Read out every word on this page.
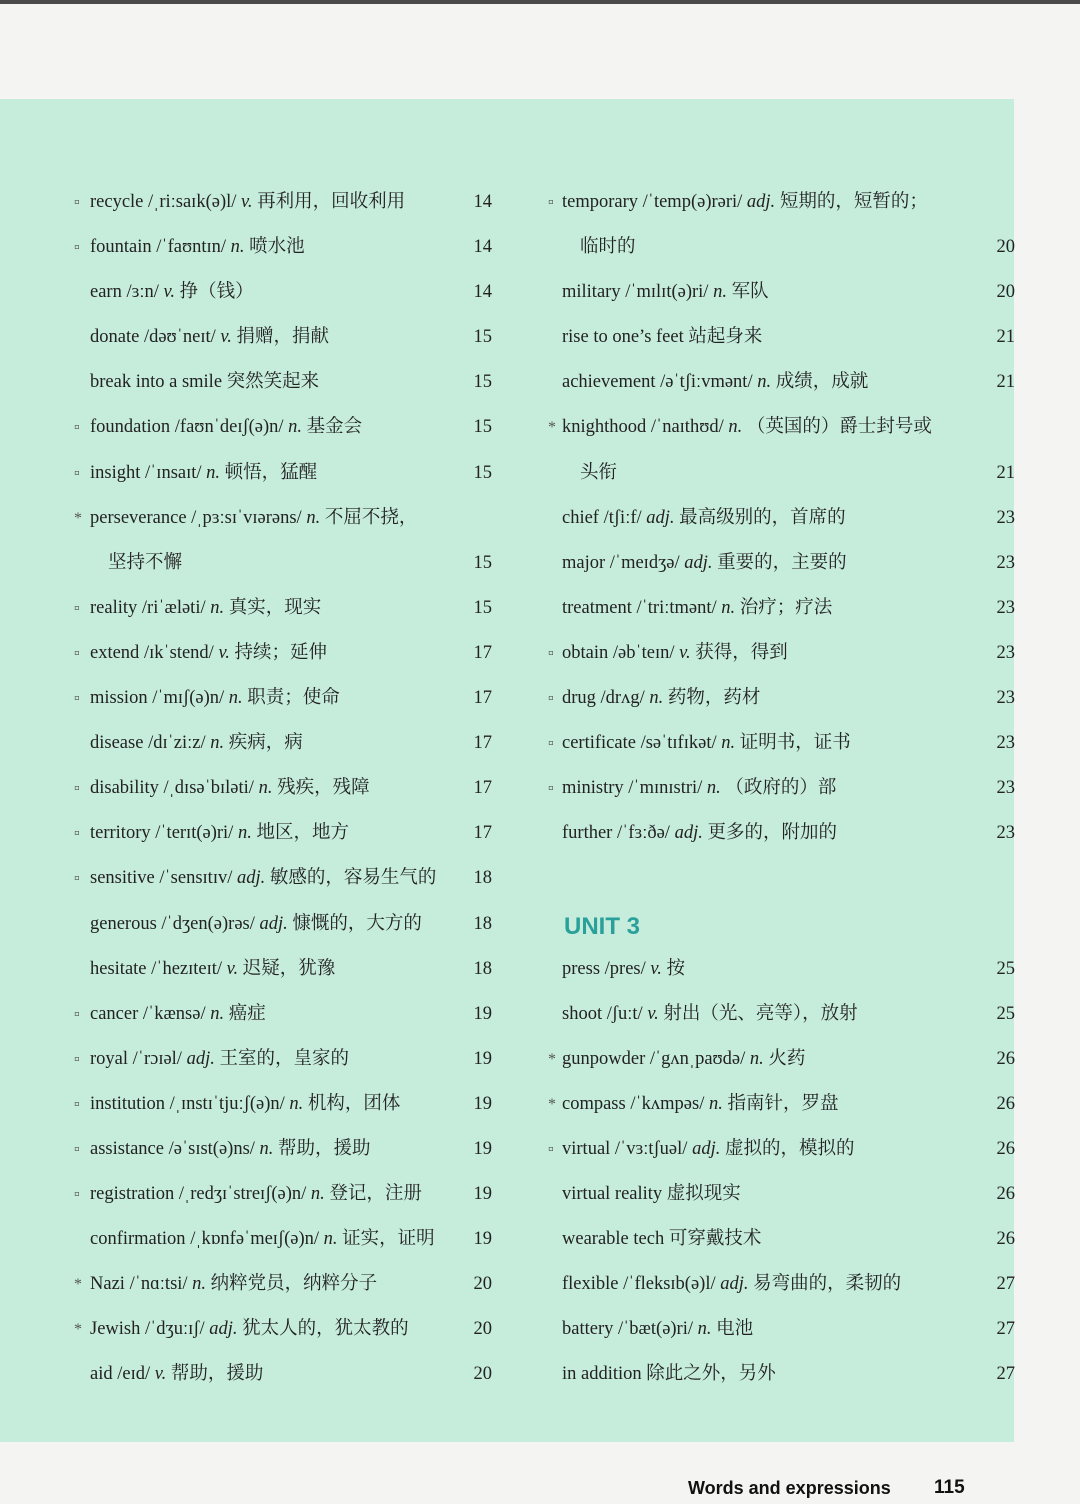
▫
recycle /ˌriːsaɪk(ə)l/ v. 再利用，回收利用	14
▫
fountain /ˈfaʊntɪn/ n. 喷水池	14
earn /ɜːn/ v. 挣（钱）	14
donate /dəʊˈneɪt/ v. 捐赠，捐献	15
break into a smile 突然笑起来	15
▫
foundation /faʊnˈdeɪʃ(ə)n/ n. 基金会	15
▫
insight /ˈɪnsaɪt/ n. 顿悟，猛醒	15
*
perseverance /ˌpɜːsɪˈvɪərəns/ n. 不屈不挠，
坚持不懈	15
▫
reality /riˈæləti/ n. 真实，现实	15
▫
extend /ɪkˈstend/ v. 持续；延伸	17
▫
mission /ˈmɪʃ(ə)n/ n. 职责；使命	17
disease /dɪˈziːz/ n. 疾病，病	17
▫
disability /ˌdɪsəˈbɪləti/ n. 残疾，残障	17
▫
territory /ˈterɪt(ə)ri/ n. 地区，地方	17
▫
sensitive /ˈsensɪtɪv/ adj. 敏感的，容易生气的 18
generous /ˈdʒen(ə)rəs/ adj. 慷慨的，大方的	18
hesitate /ˈhezɪteɪt/ v. 迟疑，犹豫	18
▫
cancer /ˈkænsə/ n. 癌症	19
▫
royal /ˈrɔɪəl/ adj. 王室的，皇家的	19
▫
institution /ˌɪnstɪˈtjuːʃ(ə)n/ n. 机构，团体	19
▫
assistance /əˈsɪst(ə)ns/ n. 帮助，援助	19
▫
registration /ˌredʒɪˈstreɪʃ(ə)n/ n. 登记，注册	19
confirmation /ˌkɒnfəˈmeɪʃ(ə)n/ n. 证实，证明 19
*
Nazi /ˈnɑːtsi/ n. 纳粹党员，纳粹分子	20
*
Jewish /ˈdʒuːɪʃ/ adj. 犹太人的，犹太教的	20
aid /eɪd/ v. 帮助，援助	20
▫
temporary /ˈtemp(ə)rəri/ adj. 短期的，短暂的；
临时的	20
military /ˈmɪlɪt(ə)ri/ n. 军队	20
rise to one’s feet 站起身来	21
achievement /əˈtʃiːvmənt/ n. 成绩，成就	21
*
knighthood /ˈnaɪthʊd/ n. （英国的）爵士封号或
头衔	21
chief /tʃiːf/ adj. 最高级别的，首席的	23
major /ˈmeɪdʒə/ adj. 重要的，主要的	23
treatment /ˈtriːtmənt/ n. 治疗；疗法	23
▫
obtain /əbˈteɪn/ v. 获得，得到	23
▫
drug /drʌg/ n. 药物，药材	23
▫
certificate /səˈtɪfɪkət/ n. 证明书，证书	23
▫
ministry /ˈmɪnɪstri/ n. （政府的）部	23
further /ˈfɜːðə/ adj. 更多的，附加的	23
UNIT 3
press /pres/ v. 按	25
shoot /ʃuːt/ v. 射出（光、亮等），放射	25
*
gunpowder /ˈgʌnˌpaʊdə/ n. 火药	26
*
compass /ˈkʌmpəs/ n. 指南针，罗盘	26
▫
virtual /ˈvɜːtʃuəl/ adj. 虚拟的，模拟的	26
virtual reality 虚拟现实	26
wearable tech 可穿戴技术	26
flexible /ˈfleksɪb(ə)l/ adj. 易弯曲的，柔韧的	27
battery /ˈbæt(ə)ri/ n. 电池	27
in addition 除此之外，另外	27
Words and expressions 115
